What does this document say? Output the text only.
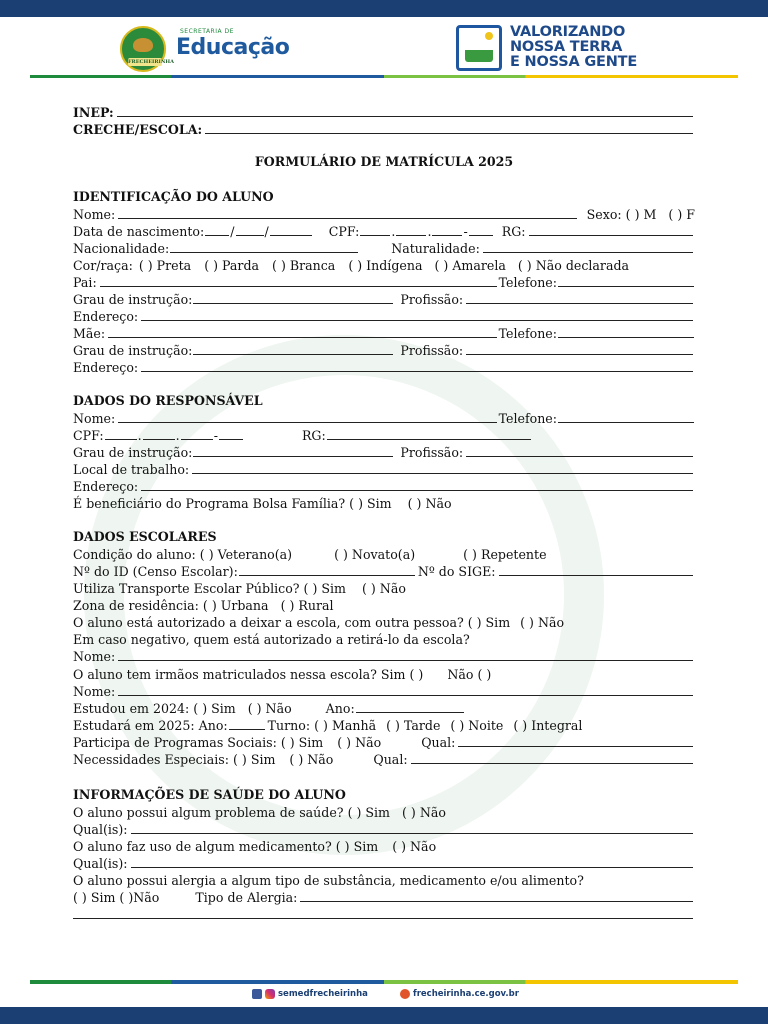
FRECHEIRINHA
SECRETARIA DE
Educação
VALORIZANDO
NOSSA TERRA
E NOSSA GENTE
INEP:
CRECHE/ESCOLA:
FORMULÁRIO DE MATRÍCULA 2025
IDENTIFICAÇÃO DO ALUNO
Nome:	Sexo: ( ) M ( ) F
Data de nascimento: / /	CPF:	.	.	-	RG:
Nacionalidade:	Naturalidade:
Cor/raça: ( ) Preta ( ) Parda ( ) Branca ( ) Indígena ( ) Amarela ( ) Não declarada
Pai:	Telefone:
Grau de instrução:	Profissão:
Endereço:
Mãe:	Telefone:
Grau de instrução:	Profissão:
Endereço:
DADOS DO RESPONSÁVEL
Nome:	Telefone:
CPF:	.	.	-	RG:
Grau de instrução:	Profissão:
Local de trabalho:
Endereço:
É beneficiário do Programa Bolsa Família? ( ) Sim ( ) Não
DADOS ESCOLARES
Condição do aluno: ( ) Veterano(a)	( ) Novato(a)	( ) Repetente
Nº do ID (Censo Escolar):	Nº do SIGE:
Utiliza Transporte Escolar Público? ( ) Sim ( ) Não
Zona de residência: ( ) Urbana ( ) Rural
O aluno está autorizado a deixar a escola, com outra pessoa? ( ) Sim ( ) Não
Em caso negativo, quem está autorizado a retirá-lo da escola?
Nome:
O aluno tem irmãos matriculados nessa escola? Sim ( ) Não ( )
Nome:
Estudou em 2024: ( ) Sim ( ) Não	Ano:
Estudará em 2025: Ano:	Turno: ( ) Manhã ( ) Tarde ( ) Noite ( ) Integral
Participa de Programas Sociais: ( ) Sim ( ) Não	Qual:
Necessidades Especiais: ( ) Sim ( ) Não	Qual:
INFORMAÇÕES DE SAÚDE DO ALUNO
O aluno possui algum problema de saúde? ( ) Sim ( ) Não
Qual(is):
O aluno faz uso de algum medicamento? ( ) Sim ( ) Não
Qual(is):
O aluno possui alergia a algum tipo de substância, medicamento e/ou alimento?
( ) Sim ( )Não	Tipo de Alergia:
semedfrecheirinha	frecheirinha.ce.gov.br
